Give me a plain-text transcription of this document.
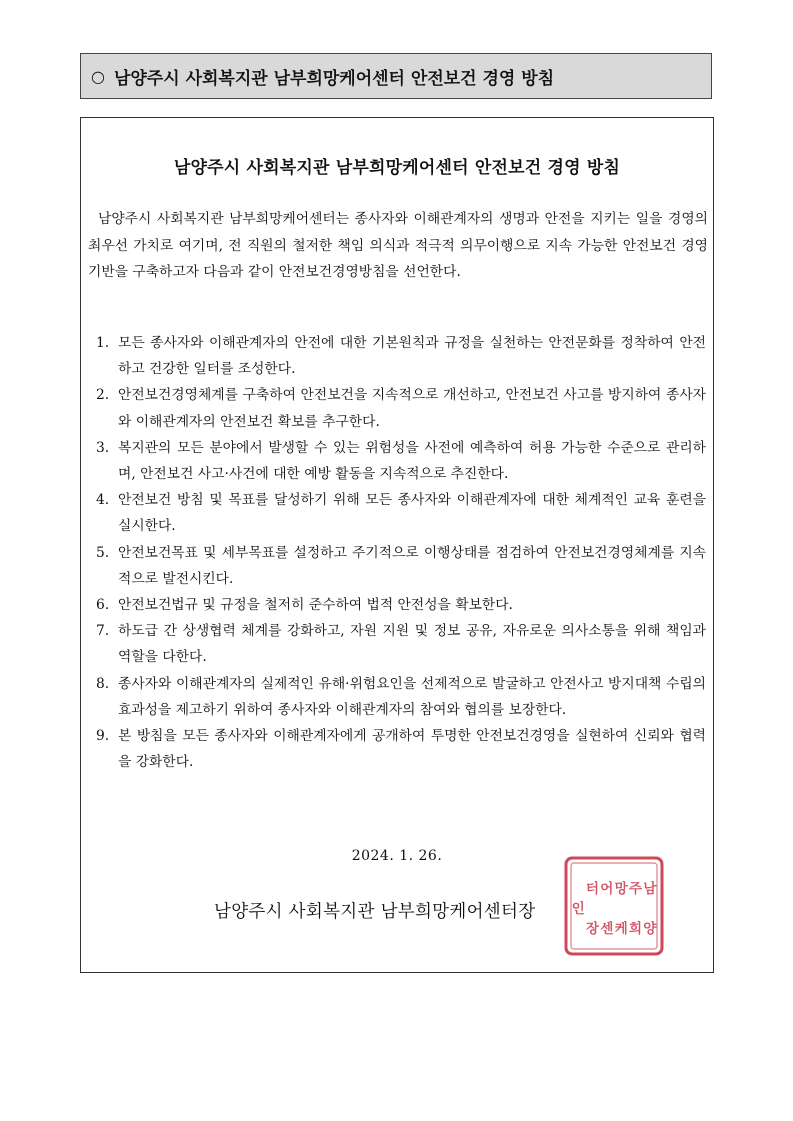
○ 남양주시 사회복지관 남부희망케어센터 안전보건 경영 방침
남양주시 사회복지관 남부희망케어센터 안전보건 경영 방침

남양주시 사회복지관 남부희망케어센터는 종사자와 이해관계자의 생명과 안전을 지키는 일을 경영의 최우선 가치로 여기며, 전 직원의 철저한 책임 의식과 적극적 의무이행으로 지속 가능한 안전보건 경영기반을 구축하고자 다음과 같이 안전보건경영방침을 선언한다.

1. 모든 종사자와 이해관계자의 안전에 대한 기본원칙과 규정을 실천하는 안전문화를 정착하여 안전하고 건강한 일터를 조성한다.
2. 안전보건경영체계를 구축하여 안전보건을 지속적으로 개선하고, 안전보건 사고를 방지하여 종사자와 이해관계자의 안전보건 확보를 추구한다.
3. 복지관의 모든 분야에서 발생할 수 있는 위험성을 사전에 예측하여 허용 가능한 수준으로 관리하며, 안전보건 사고·사건에 대한 예방 활동을 지속적으로 추진한다.
4. 안전보건 방침 및 목표를 달성하기 위해 모든 종사자와 이해관계자에 대한 체계적인 교육 훈련을 실시한다.
5. 안전보건목표 및 세부목표를 설정하고 주기적으로 이행상태를 점검하여 안전보건경영체계를 지속적으로 발전시킨다.
6. 안전보건법규 및 규정을 철저히 준수하여 법적 안전성을 확보한다.
7. 하도급 간 상생협력 체계를 강화하고, 자원 지원 및 정보 공유, 자유로운 의사소통을 위해 책임과 역할을 다한다.
8. 종사자와 이해관계자의 실제적인 유해·위험요인을 선제적으로 발굴하고 안전사고 방지대책 수립의 효과성을 제고하기 위하여 종사자와 이해관계자의 참여와 협의를 보장한다.
9. 본 방침을 모든 종사자와 이해관계자에게 공개하여 투명한 안전보건경영을 실현하여 신뢰와 협력을 강화한다.
2024. 1. 26.
남
양
주
희
망
케
어
센
터
장
인
남양주시 사회복지관 남부희망케어센터장
